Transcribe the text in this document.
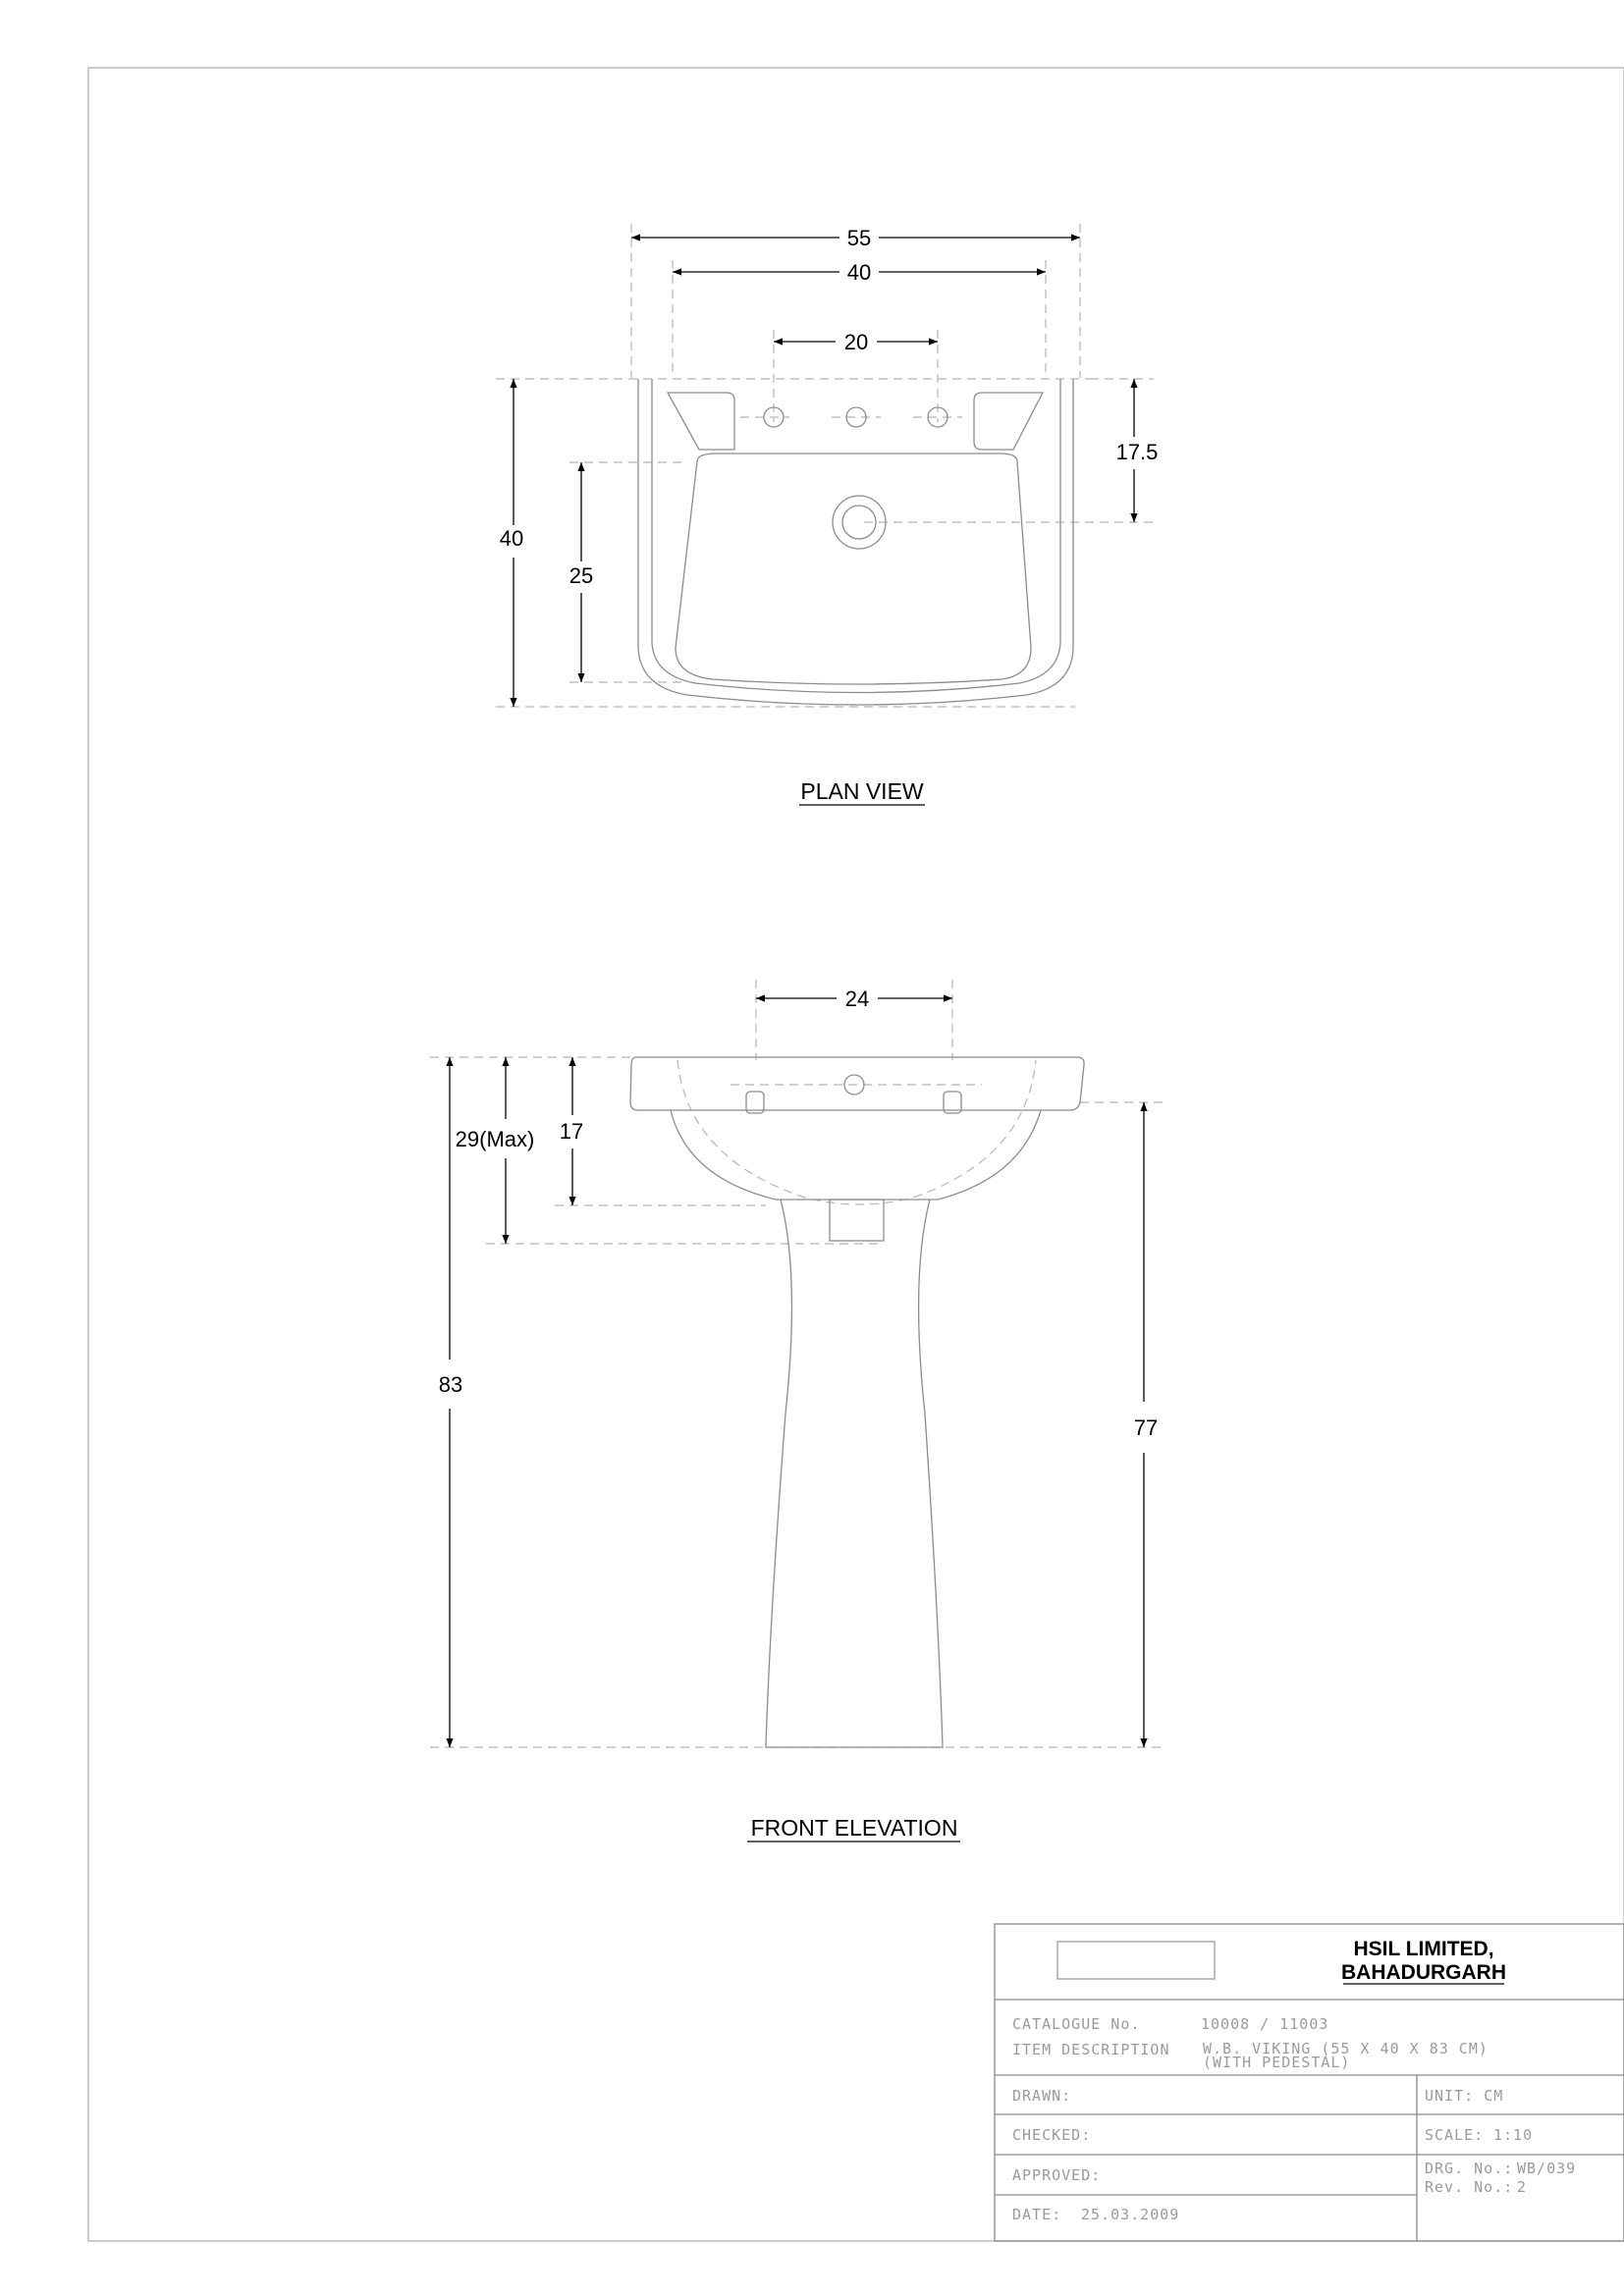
55
40
20
40
25
17.5
PLAN VIEW
24
83
29(Max) 17
77
FRONT ELEVATION
HSIL LIMITED,
BAHADURGARH
CATALOGUE No.	10008 / 11003
ITEM DESCRIPTION W.B. VIKING (55 X 40 X 83 CM)
(WITH PEDESTAL)
DRAWN:	UNIT: CM
CHECKED:	SCALE: 1:10
APPROVED:	DRG. No.: WB/039
Rev. No.: 2
DATE: 25.03.2009
